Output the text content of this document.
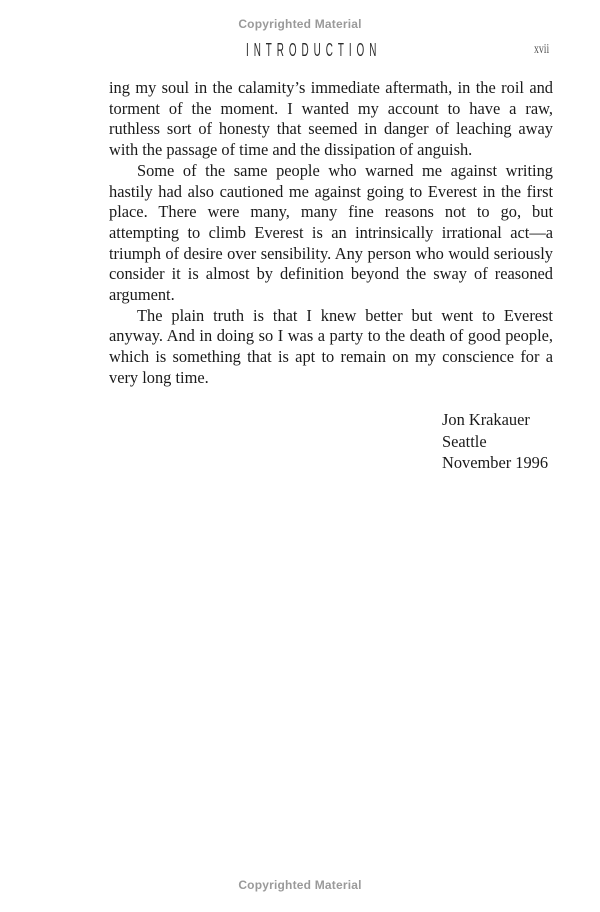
Copyrighted Material
INTRODUCTION	xvii

ing my soul in the calamity’s immediate aftermath, in the roil and torment of the moment. I wanted my account to have a raw, ruthless sort of honesty that seemed in danger of leaching away with the passage of time and the dissipation of anguish.

Some of the same people who warned me against writing hastily had also cautioned me against going to Everest in the first place. There were many, many fine reasons not to go, but attempting to climb Everest is an intrinsically irrational act—a triumph of desire over sensibility. Any person who would seriously consider it is almost by definition beyond the sway of reasoned argument.

The plain truth is that I knew better but went to Everest anyway. And in doing so I was a party to the death of good people, which is something that is apt to remain on my conscience for a very long time.

Jon Krakauer
Seattle
November 1996
Copyrighted Material
